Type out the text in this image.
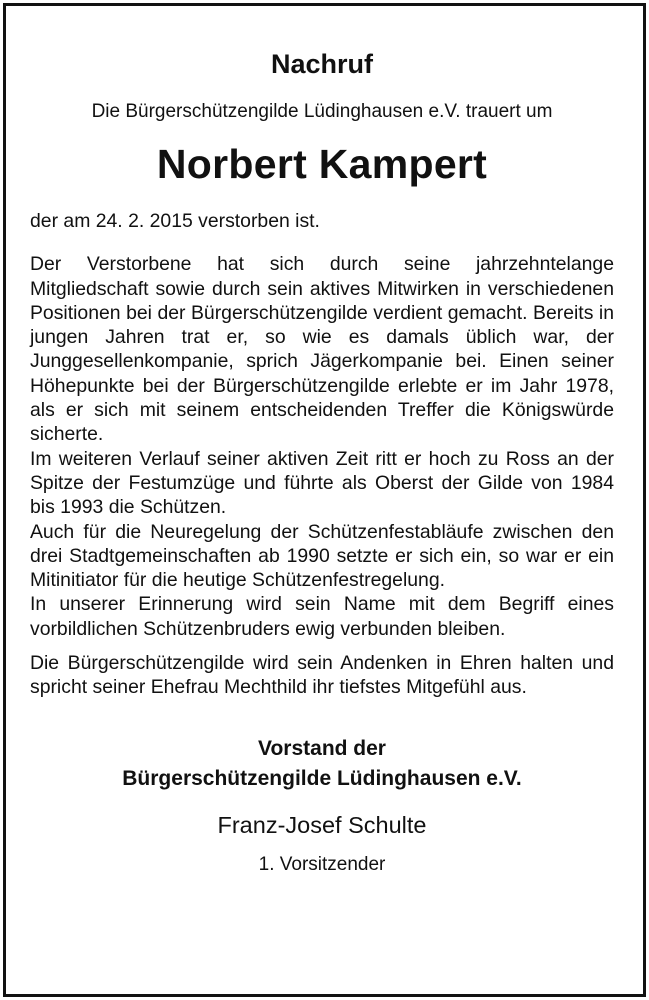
Nachruf

Die Bürgerschützengilde Lüdinghausen e.V. trauert um

Norbert Kampert

der am 24. 2. 2015 verstorben ist.

Der Verstorbene hat sich durch seine jahrzehntelange Mitgliedschaft sowie durch sein aktives Mitwirken in verschiedenen Positionen bei der Bürgerschützengilde verdient gemacht. Bereits in jungen Jahren trat er, so wie es damals üblich war, der Junggesellenkompanie, sprich Jägerkompanie bei. Einen seiner Höhepunkte bei der Bürgerschützengilde erlebte er im Jahr 1978, als er sich mit seinem entscheidenden Treffer die Königswürde sicherte.

Im weiteren Verlauf seiner aktiven Zeit ritt er hoch zu Ross an der Spitze der Festumzüge und führte als Oberst der Gilde von 1984 bis 1993 die Schützen.

Auch für die Neuregelung der Schützenfestabläufe zwischen den drei Stadtgemeinschaften ab 1990 setzte er sich ein, so war er ein Mitinitiator für die heutige Schützenfestregelung.

In unserer Erinnerung wird sein Name mit dem Begriff eines vorbildlichen Schützenbruders ewig verbunden bleiben.

Die Bürgerschützengilde wird sein Andenken in Ehren halten und spricht seiner Ehefrau Mechthild ihr tiefstes Mitgefühl aus.

Vorstand der

Bürgerschützengilde Lüdinghausen e.V.

Franz-Josef Schulte

1. Vorsitzender
